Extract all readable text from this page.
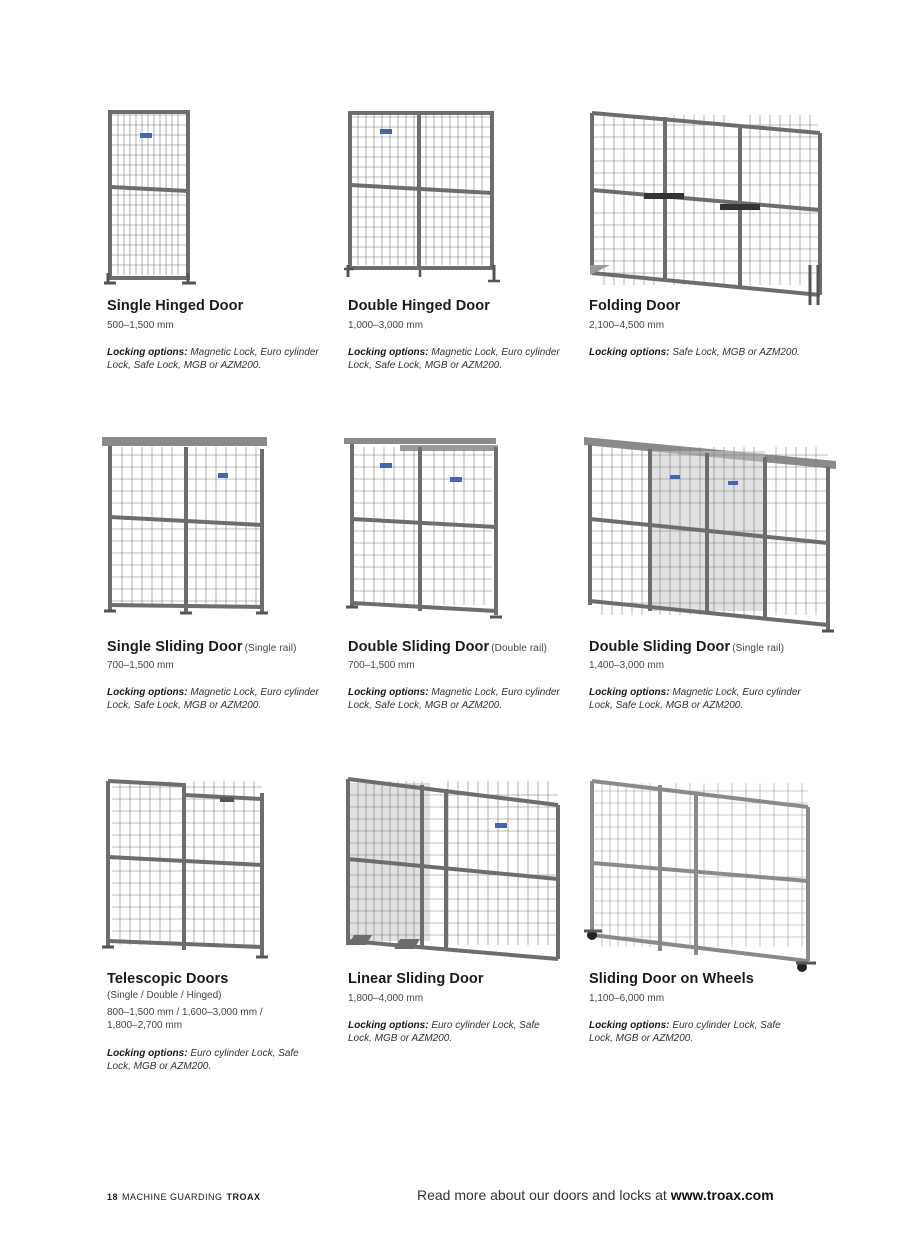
Single Hinged Door
500–1,500 mm
Locking options: Magnetic Lock, Euro cylinder Lock, Safe Lock, MGB or AZM200.
Double Hinged Door
1,000–3,000 mm
Locking options: Magnetic Lock, Euro cylinder Lock, Safe Lock, MGB or AZM200.
Folding Door
2,100–4,500 mm
Locking options: Safe Lock, MGB or AZM200.
Single Sliding Door (Single rail)
700–1,500 mm
Locking options: Magnetic Lock, Euro cylinder Lock, Safe Lock, MGB or AZM200.
Double Sliding Door (Double rail)
700–1,500 mm
Locking options: Magnetic Lock, Euro cylinder Lock, Safe Lock, MGB or AZM200.
Double Sliding Door (Single rail)
1,400–3,000 mm
Locking options: Magnetic Lock, Euro cylinder Lock, Safe Lock, MGB or AZM200.
Telescopic Doors
(Single / Double / Hinged)
800–1,500 mm / 1,600–3,000 mm / 1,800–2,700 mm
Locking options: Euro cylinder Lock, Safe Lock, MGB or AZM200.
Linear Sliding Door
1,800–4,000 mm
Locking options: Euro cylinder Lock, Safe Lock, MGB or AZM200.
Sliding Door on Wheels
1,100–6,000 mm
Locking options: Euro cylinder Lock, Safe Lock, MGB or AZM200.
18 MACHINE GUARDING TROAX	Read more about our doors and locks at www.troax.com
